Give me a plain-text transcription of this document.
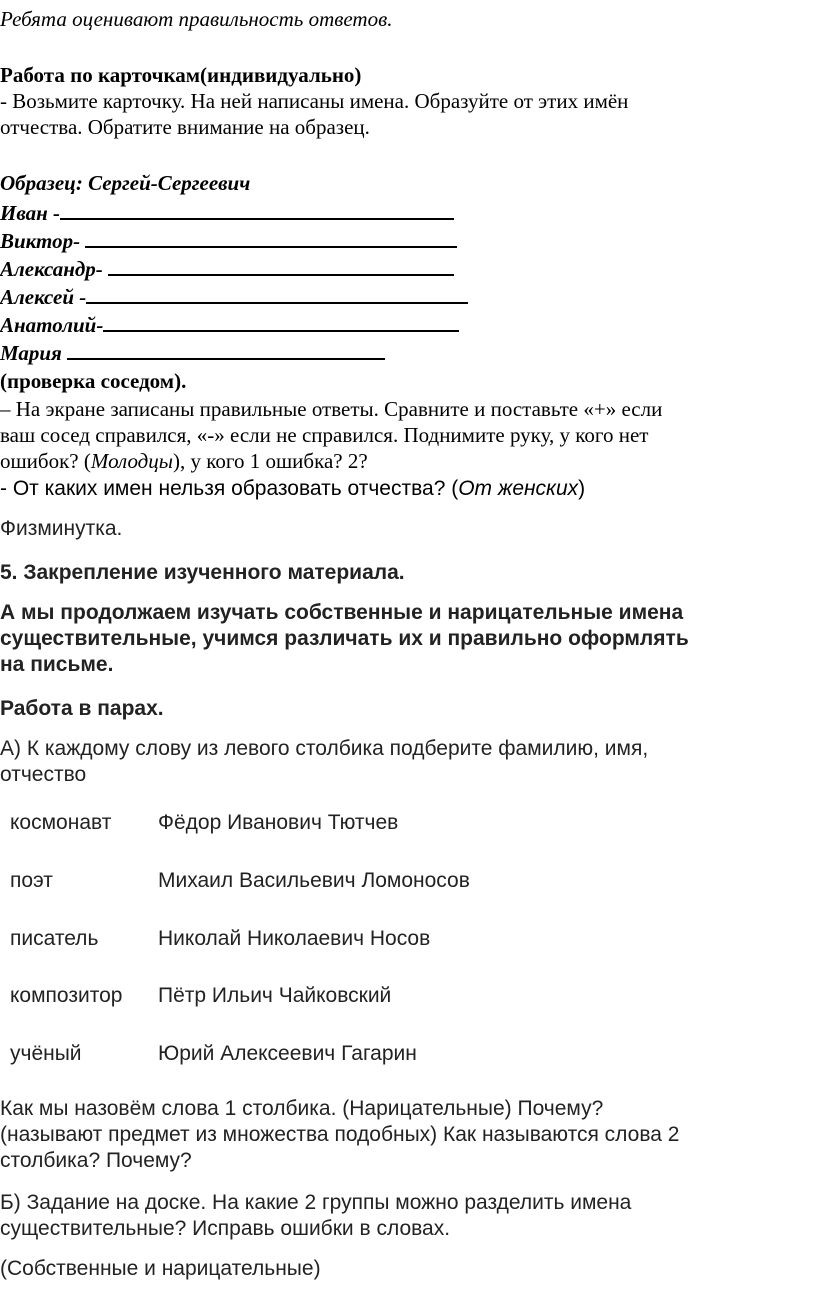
Ребята оценивают правильность ответов.

Работа по карточкам(индивидуально)

- Возьмите карточку. На ней написаны имена. Образуйте от этих имён

отчества. Обратите внимание на образец.

Образец: Сергей-Сергеевич

Иван -
Виктор-
Александр-
Алексей -
Анатолий-
Мария

(проверка соседом).

– На экране записаны правильные ответы. Сравните и поставьте «+» если

ваш сосед справился, «-» если не справился. Поднимите руку, у кого нет

ошибок? (Молодцы), у кого 1 ошибка? 2?

- От каких имен нельзя образовать отчества? (От женских)

Физминутка.

5. Закрепление изученного материала.

А мы продолжаем изучать собственные и нарицательные имена

существительные, учимся различать их и правильно оформлять

на письме.

Работа в парах.

А) К каждому слову из левого столбика подберите фамилию, имя,

отчество

космонавт Фёдор Иванович Тютчев
поэт	Михаил Васильевич Ломоносов
писатель	Николай Николаевич Носов
композитор Пётр Ильич Чайковский
учёный	Юрий Алексеевич Гагарин

Как мы назовём слова 1 столбика. (Нарицательные) Почему?

(называют предмет из множества подобных) Как называются слова 2

столбика? Почему?

Б) Задание на доске. На какие 2 группы можно разделить имена

существительные? Исправь ошибки в словах.

(Собственные и нарицательные)
